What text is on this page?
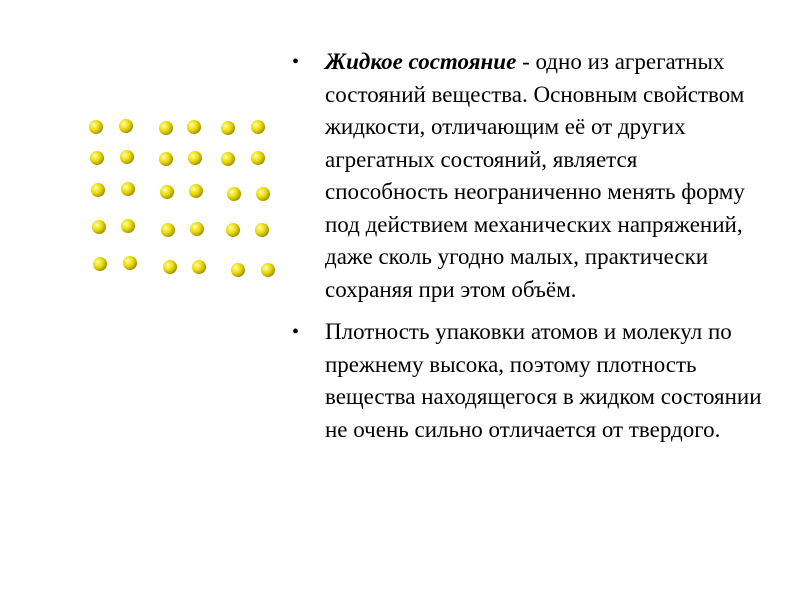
• Жидкое состояние - одно из агрегатных состояний вещества. Основным свойством жидкости, отличающим её от других агрегатных состояний, является способность неограниченно менять форму под действием механических напряжений, даже сколь угодно малых, практически сохраняя при этом объём.
• Плотность упаковки атомов и молекул по прежнему высока, поэтому плотность вещества находящегося в жидком состоянии не очень сильно отличается от твердого.
